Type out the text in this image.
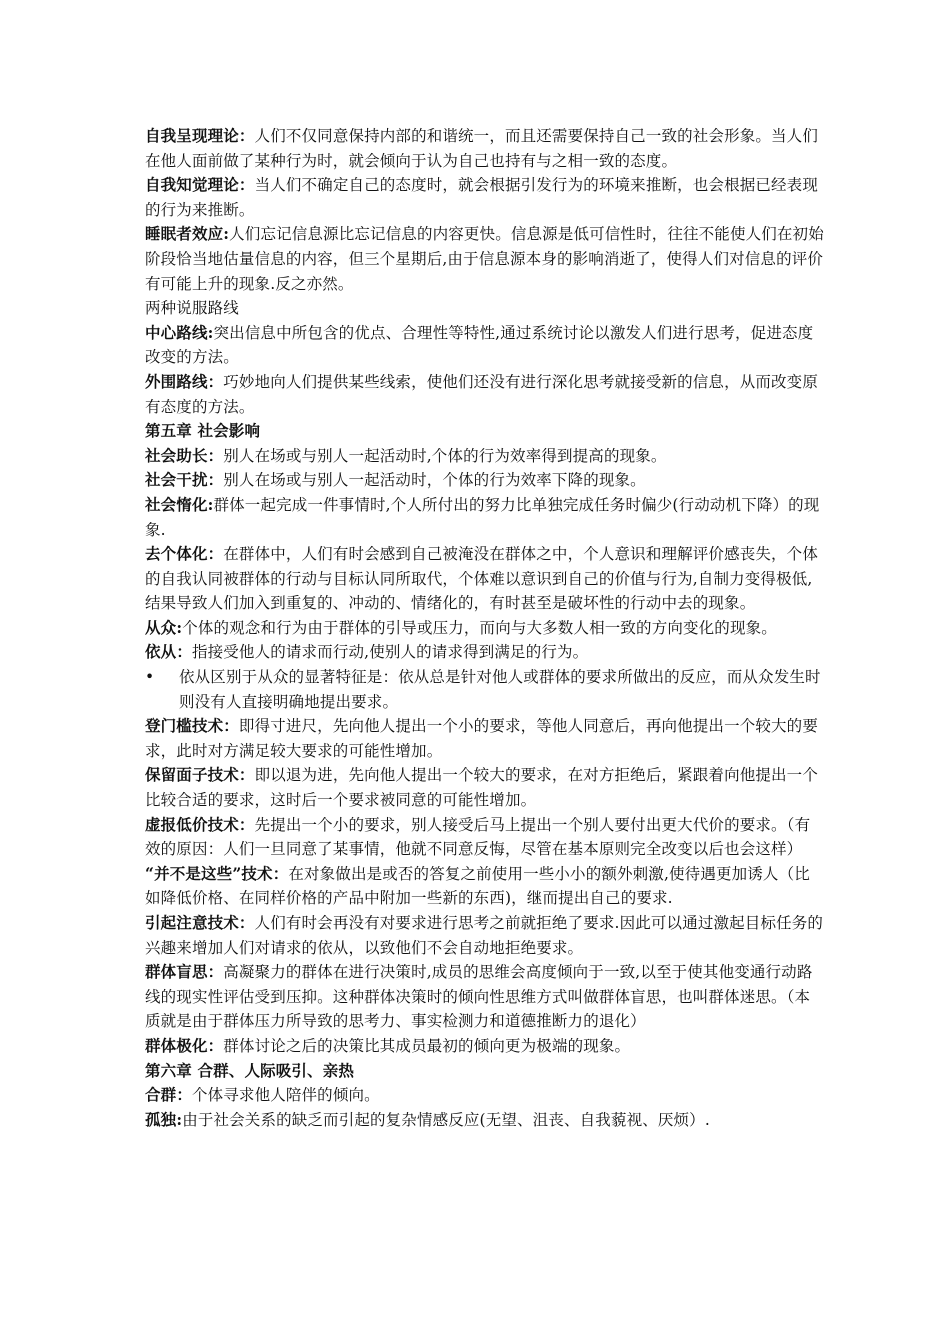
自我呈现理论：人们不仅同意保持内部的和谐统一，而且还需要保持自己一致的社会形象。当人们在他人面前做了某种行为时，就会倾向于认为自己也持有与之相一致的态度。

自我知觉理论：当人们不确定自己的态度时，就会根据引发行为的环境来推断，也会根据已经表现的行为来推断。

睡眠者效应:人们忘记信息源比忘记信息的内容更快。信息源是低可信性时，往往不能使人们在初始阶段恰当地估量信息的内容，但三个星期后,由于信息源本身的影响消逝了，使得人们对信息的评价有可能上升的现象.反之亦然。

两种说服路线

中心路线:突出信息中所包含的优点、合理性等特性,通过系统讨论以激发人们进行思考，促进态度改变的方法。

外围路线：巧妙地向人们提供某些线索，使他们还没有进行深化思考就接受新的信息，从而改变原有态度的方法。

第五章 社会影响

社会助长：别人在场或与别人一起活动时,个体的行为效率得到提高的现象。

社会干扰：别人在场或与别人一起活动时，个体的行为效率下降的现象。

社会惰化:群体一起完成一件事情时,个人所付出的努力比单独完成任务时偏少(行动动机下降）的现象.

去个体化：在群体中，人们有时会感到自己被淹没在群体之中，个人意识和理解评价感丧失，个体的自我认同被群体的行动与目标认同所取代，个体难以意识到自己的价值与行为,自制力变得极低,结果导致人们加入到重复的、冲动的、情绪化的，有时甚至是破坏性的行动中去的现象。

从众:个体的观念和行为由于群体的引导或压力，而向与大多数人相一致的方向变化的现象。

依从：指接受他人的请求而行动,使别人的请求得到满足的行为。

•	依从区别于从众的显著特征是：依从总是针对他人或群体的要求所做出的反应，而从众发生时则没有人直接明确地提出要求。

登门槛技术：即得寸进尺，先向他人提出一个小的要求，等他人同意后，再向他提出一个较大的要求，此时对方满足较大要求的可能性增加。

保留面子技术：即以退为进，先向他人提出一个较大的要求，在对方拒绝后，紧跟着向他提出一个比较合适的要求，这时后一个要求被同意的可能性增加。

虚报低价技术：先提出一个小的要求，别人接受后马上提出一个别人要付出更大代价的要求。（有效的原因：人们一旦同意了某事情，他就不同意反悔，尽管在基本原则完全改变以后也会这样）

“并不是这些”技术：在对象做出是或否的答复之前使用一些小小的额外刺激,使待遇更加诱人（比如降低价格、在同样价格的产品中附加一些新的东西)，继而提出自己的要求.

引起注意技术：人们有时会再没有对要求进行思考之前就拒绝了要求.因此可以通过激起目标任务的兴趣来增加人们对请求的依从，以致他们不会自动地拒绝要求。

群体盲思：高凝聚力的群体在进行决策时,成员的思维会高度倾向于一致,以至于使其他变通行动路线的现实性评估受到压抑。这种群体决策时的倾向性思维方式叫做群体盲思，也叫群体迷思。（本质就是由于群体压力所导致的思考力、事实检测力和道德推断力的退化）

群体极化：群体讨论之后的决策比其成员最初的倾向更为极端的现象。

第六章 合群、人际吸引、亲热

合群：个体寻求他人陪伴的倾向。

孤独:由于社会关系的缺乏而引起的复杂情感反应(无望、沮丧、自我藐视、厌烦）.
